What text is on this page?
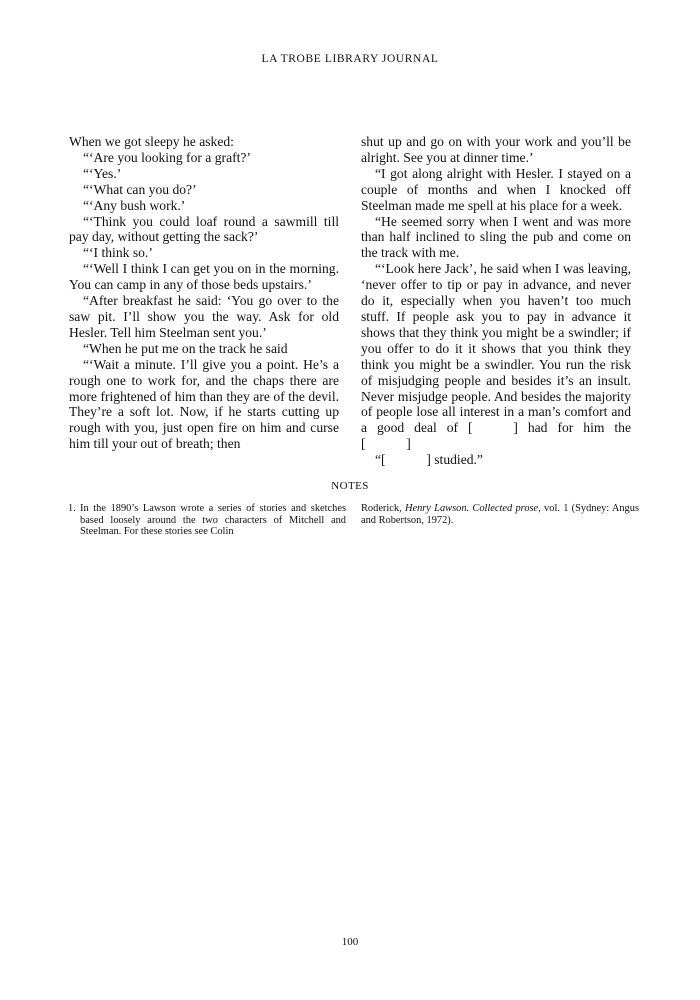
LA TROBE LIBRARY JOURNAL

When we got sleepy he asked:

“‘Are you looking for a graft?’

“‘Yes.’

“‘What can you do?’

“‘Any bush work.’

“‘Think you could loaf round a sawmill till pay day, without getting the sack?’

“‘I think so.’

“‘Well I think I can get you on in the morning. You can camp in any of those beds upstairs.’

“After breakfast he said: ‘You go over to the saw pit. I’ll show you the way. Ask for old Hesler. Tell him Steelman sent you.’

“When he put me on the track he said

“‘Wait a minute. I’ll give you a point. He’s a rough one to work for, and the chaps there are more frightened of him than they are of the devil. They’re a soft lot. Now, if he starts cutting up rough with you, just open fire on him and curse him till your out of breath; then

shut up and go on with your work and you’ll be alright. See you at dinner time.’

“I got along alright with Hesler. I stayed on a couple of months and when I knocked off Steelman made me spell at his place for a week.

“He seemed sorry when I went and was more than half inclined to sling the pub and come on the track with me.

“‘Look here Jack’, he said when I was leaving, ‘never offer to tip or pay in advance, and never do it, especially when you haven’t too much stuff. If people ask you to pay in advance it shows that they think you might be a swindler; if you offer to do it it shows that you think they think you might be a swindler. You run the risk of misjudging people and besides it’s an insult. Never misjudge people. And besides the majority of people lose all interest in a man’s comfort and a good deal of [   ] had for him the [   ]

“[   ] studied.”

NOTES
1. In the 1890’s Lawson wrote a series of stories and sketches based loosely around the two characters of Mitchell and Steelman. For these stories see Colin
Roderick, Henry Lawson. Collected prose, vol. 1 (Sydney: Angus and Robertson, 1972).
100
